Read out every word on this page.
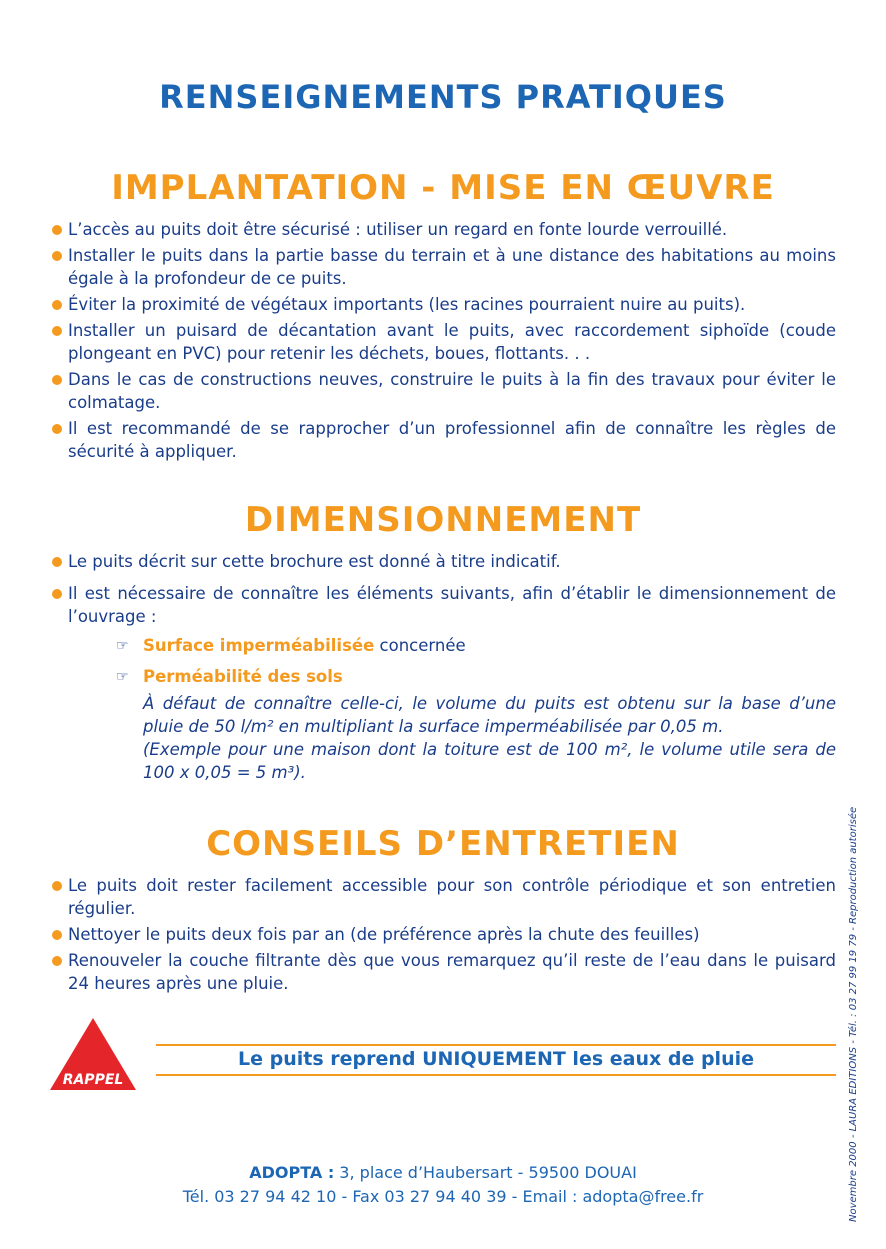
RENSEIGNEMENTS PRATIQUES
IMPLANTATION - MISE EN ŒUVRE
L’accès au puits doit être sécurisé : utiliser un regard en fonte lourde verrouillé.
Installer le puits dans la partie basse du terrain et à une distance des habitations au moins égale à la profondeur de ce puits.
Éviter la proximité de végétaux importants (les racines pourraient nuire au puits).
Installer un puisard de décantation avant le puits, avec raccordement siphoïde (coude plongeant en PVC) pour retenir les déchets, boues, flottants. . .
Dans le cas de constructions neuves, construire le puits à la fin des travaux pour éviter le colmatage.
Il est recommandé de se rapprocher d’un professionnel afin de connaître les règles de sécurité à appliquer.
DIMENSIONNEMENT
Le puits décrit sur cette brochure est donné à titre indicatif.
Il est nécessaire de connaître les éléments suivants, afin d’établir le dimensionnement de l’ouvrage :
☞ Surface imperméabilisée concernée
☞ Perméabilité des sols
À défaut de connaître celle-ci, le volume du puits est obtenu sur la base d’une pluie de 50 l/m² en multipliant la surface imperméabilisée par 0,05 m.
(Exemple pour une maison dont la toiture est de 100 m², le volume utile sera de 100 x 0,05 = 5 m³).
CONSEILS D’ENTRETIEN
Le puits doit rester facilement accessible pour son contrôle périodique et son entretien régulier.
Nettoyer le puits deux fois par an (de préférence après la chute des feuilles)
Renouveler la couche filtrante dès que vous remarquez qu’il reste de l’eau dans le puisard 24 heures après une pluie.
RAPPEL
Le puits reprend UNIQUEMENT les eaux de pluie
ADOPTA : 3, place d’Haubersart - 59500 DOUAI
Tél. 03 27 94 42 10 - Fax 03 27 94 40 39 - Email : adopta@free.fr	Novembre 2000 - LAURA EDITIONS - Tél. : 03 27 99 19 79 - Reproduction autorisée
